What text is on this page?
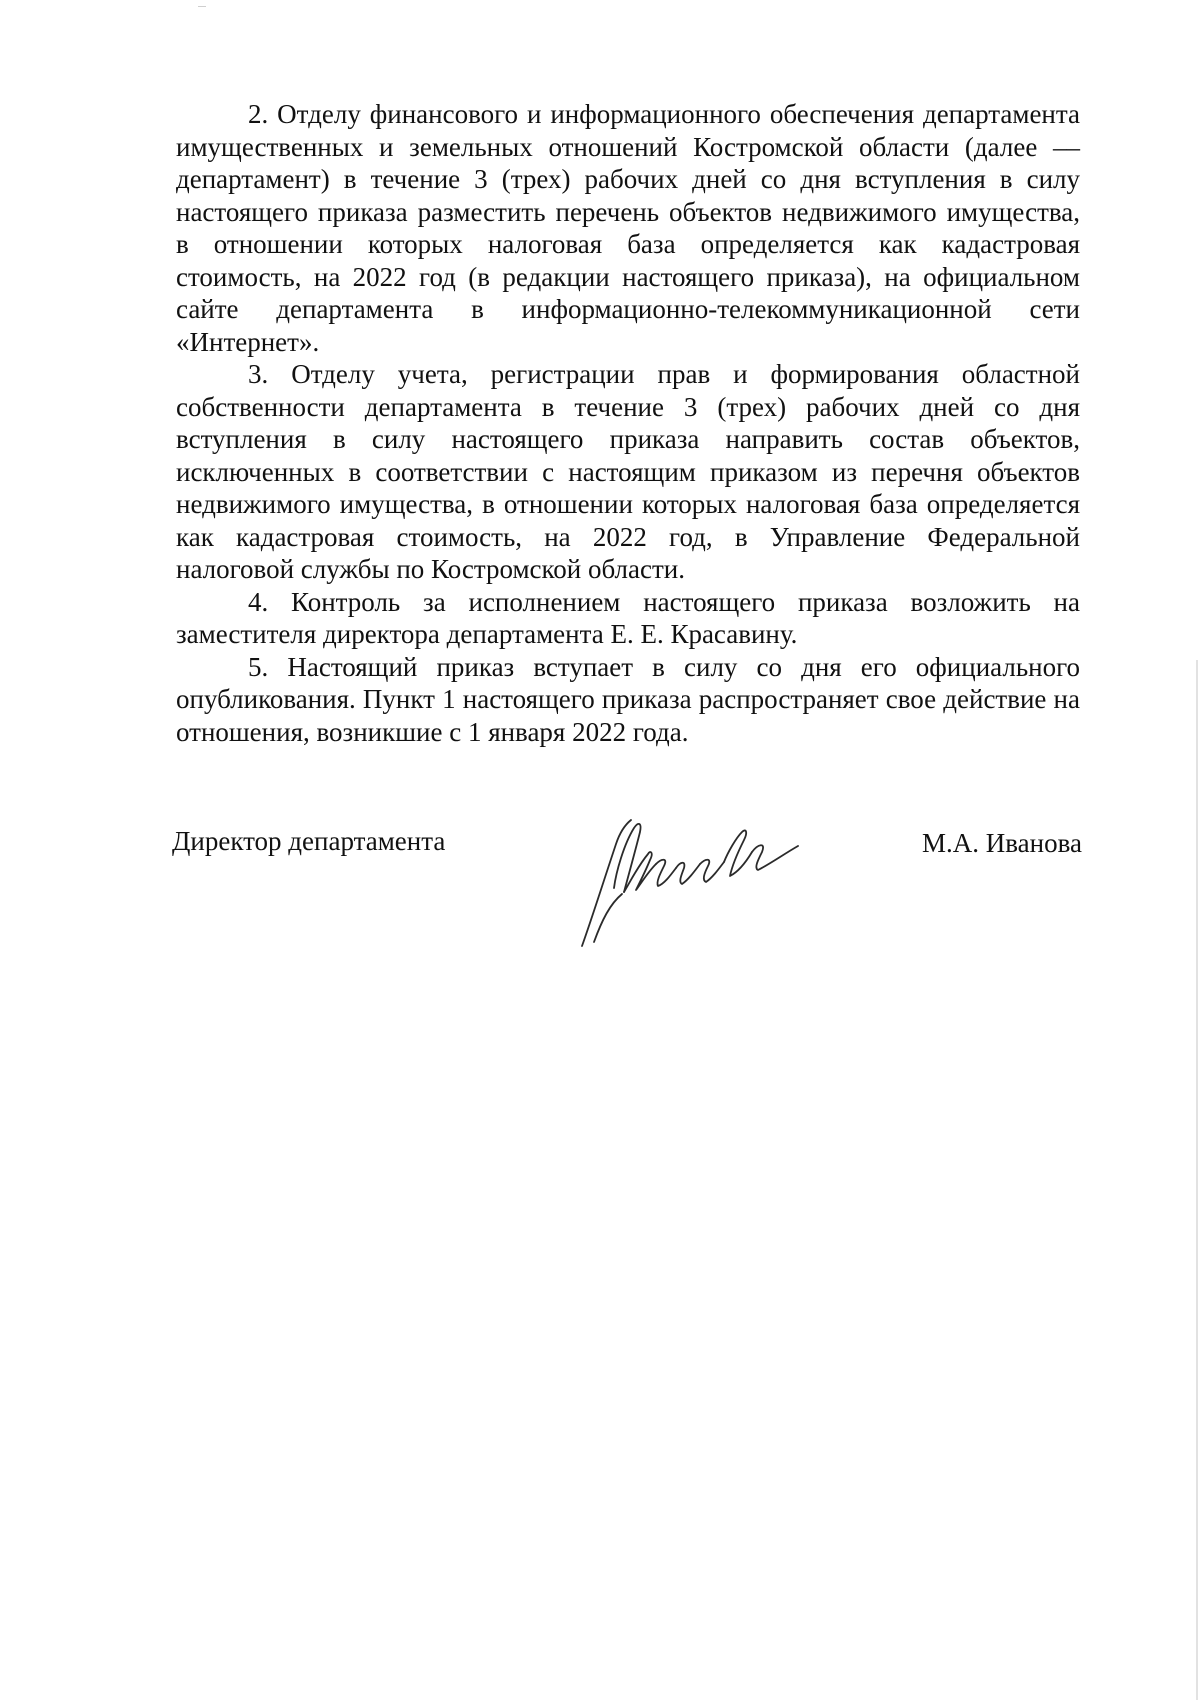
2. Отделу финансового и информационного обеспечения департамента имущественных и земельных отношений Костромской области (далее –– департамент) в течение 3 (трех) рабочих дней со дня вступления в силу настоящего приказа разместить перечень объектов недвижимого имущества, в отношении которых налоговая база определяется как кадастровая стоимость, на 2022 год (в редакции настоящего приказа), на официальном сайте департамента в информационно-телекоммуникационной сети «Интернет».

3. Отделу учета, регистрации прав и формирования областной собственности департамента в течение 3 (трех) рабочих дней со дня вступления в силу настоящего приказа направить состав объектов, исключенных в соответствии с настоящим приказом из перечня объектов недвижимого имущества, в отношении которых налоговая база определяется как кадастровая стоимость, на 2022 год, в Управление Федеральной налоговой службы по Костромской области.

4. Контроль за исполнением настоящего приказа возложить на заместителя директора департамента Е. Е. Красавину.

5. Настоящий приказ вступает в силу со дня его официального опубликования. Пункт 1 настоящего приказа распространяет свое действие на отношения, возникшие с 1 января 2022 года.

Директор департамента	М.А. Иванова
